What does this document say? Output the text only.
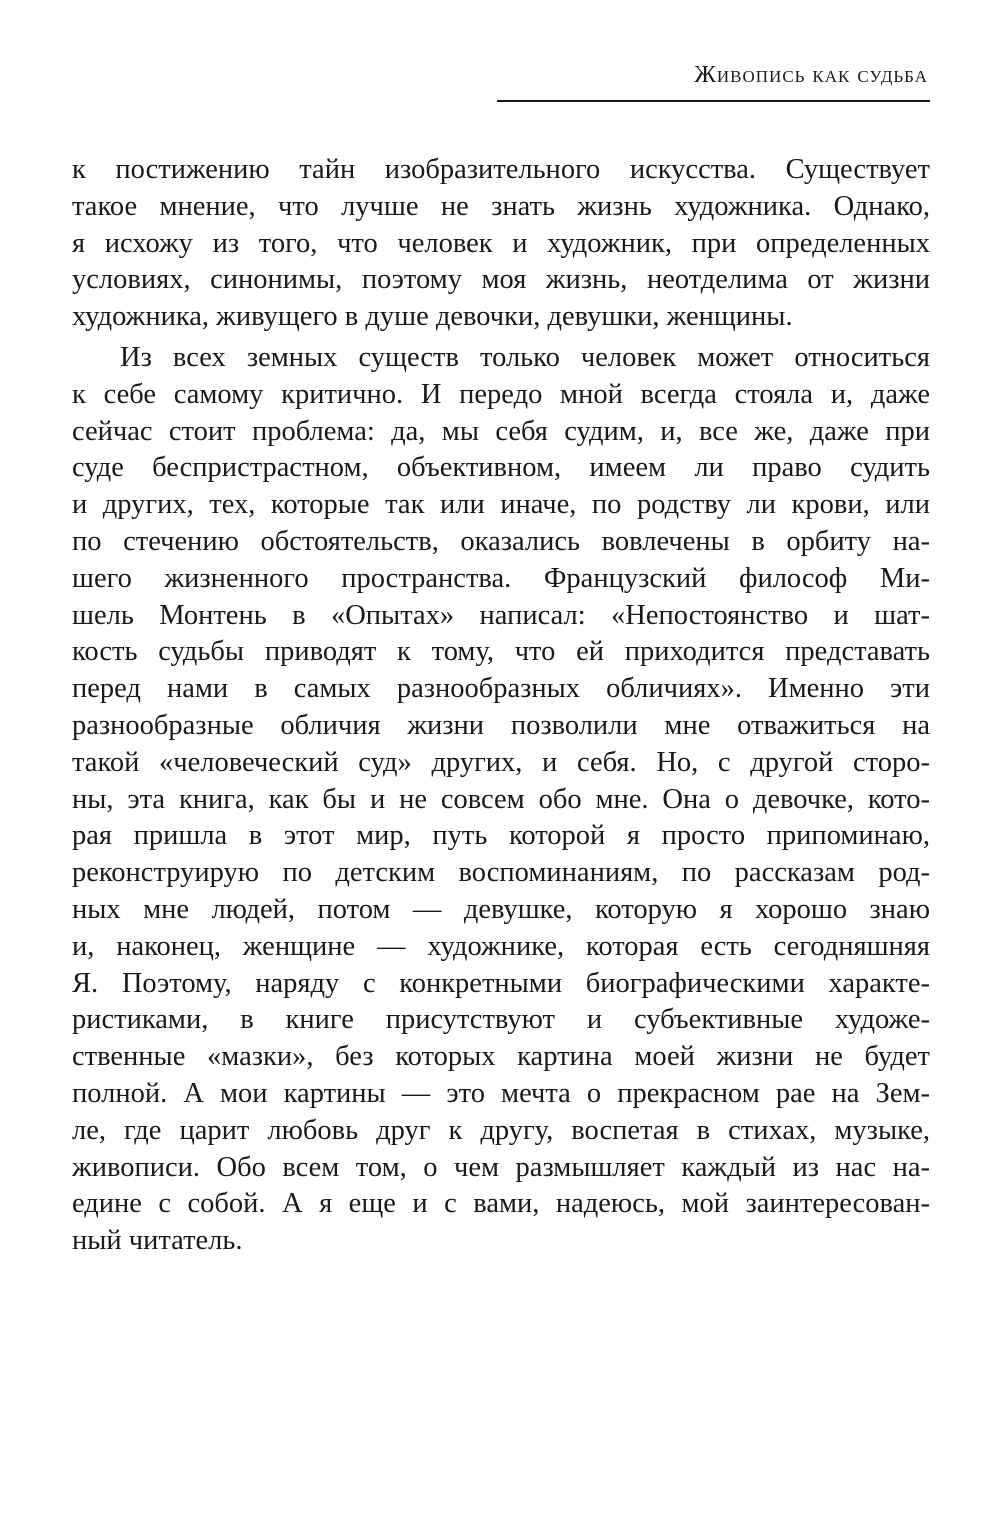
Живопись как судьба
к постижению тайн изобразительного искусства. Существует
такое мнение, что лучше не знать жизнь художника. Однако,
я исхожу из того, что человек и художник, при определенных
условиях, синонимы, поэтому моя жизнь, неотделима от жизни
художника, живущего в душе девочки, девушки, женщины.
Из всех земных существ только человек может относиться
к себе самому критично. И передо мной всегда стояла и, даже
сейчас стоит проблема: да, мы себя судим, и, все же, даже при
суде беспристрастном, объективном, имеем ли право судить
и других, тех, которые так или иначе, по родству ли крови, или
по стечению обстоятельств, оказались вовлечены в орбиту на-
шего жизненного пространства. Французский философ Ми-
шель Монтень в «Опытах» написал: «Непостоянство и шат-
кость судьбы приводят к тому, что ей приходится представать
перед нами в самых разнообразных обличиях». Именно эти
разнообразные обличия жизни позволили мне отважиться на
такой «человеческий суд» других, и себя. Но, с другой сторо-
ны, эта книга, как бы и не совсем обо мне. Она о девочке, кото-
рая пришла в этот мир, путь которой я просто припоминаю,
реконструирую по детским воспоминаниям, по рассказам род-
ных мне людей, потом — девушке, которую я хорошо знаю
и, наконец, женщине — художнике, которая есть сегодняшняя
Я. Поэтому, наряду с конкретными биографическими характе-
ристиками, в книге присутствуют и субъективные художе-
ственные «мазки», без которых картина моей жизни не будет
полной. А мои картины — это мечта о прекрасном рае на Зем-
ле, где царит любовь друг к другу, воспетая в стихах, музыке,
живописи. Обо всем том, о чем размышляет каждый из нас на-
едине с собой. А я еще и с вами, надеюсь, мой заинтересован-
ный читатель.
